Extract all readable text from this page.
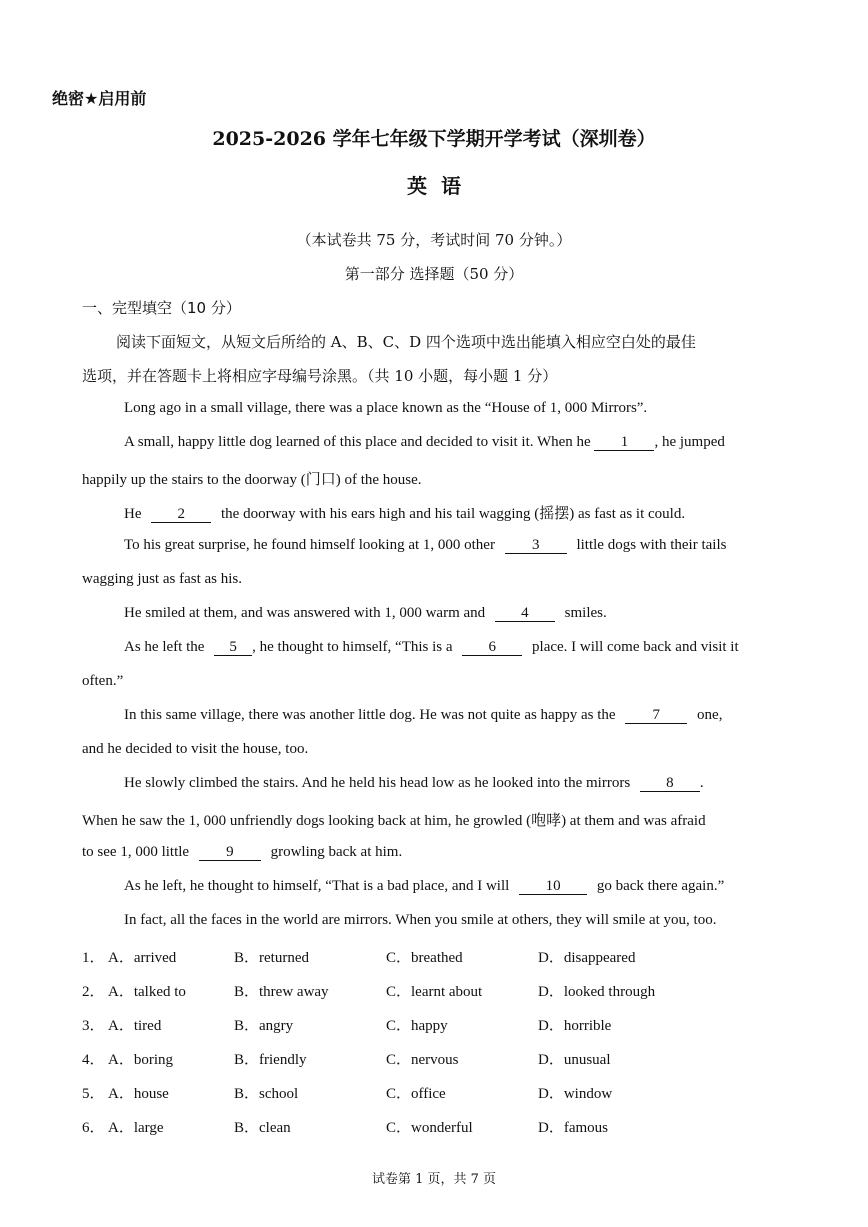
绝密★启用前
2025-2026 学年七年级下学期开学考试（深圳卷）
英语
（本试卷共 75 分，考试时间 70 分钟。）
第一部分 选择题（50 分）
一、完型填空（10 分）
阅读下面短文，从短文后所给的 A、B、C、D 四个选项中选出能填入相应空白处的最佳
选项，并在答题卡上将相应字母编号涂黑。（共 10 小题，每小题 1 分）
Long ago in a small village, there was a place known as the “House of 1, 000 Mirrors”.
A small, happy little dog learned of this place and decided to visit it. When he 1 , he jumped
happily up the stairs to the doorway (门口) of the house.
He 2 the doorway with his ears high and his tail wagging (摇摆) as fast as it could.
To his great surprise, he found himself looking at 1, 000 other 3 little dogs with their tails
wagging just as fast as his.
He smiled at them, and was answered with 1, 000 warm and 4 smiles.
As he left the 5 , he thought to himself, “This is a 6 place. I will come back and visit it
often.”
In this same village, there was another little dog. He was not quite as happy as the 7 one,
and he decided to visit the house, too.
He slowly climbed the stairs. And he held his head low as he looked into the mirrors 8 .
When he saw the 1, 000 unfriendly dogs looking back at him, he growled (咆哮) at them and was afraid
to see 1, 000 little 9 growling back at him.
As he left, he thought to himself, “That is a bad place, and I will 10 go back there again.”
In fact, all the faces in the world are mirrors. When you smile at others, they will smile at you, too.
1． A．arrived	B．returned	C．breathed	D．disappeared
2． A．talked to	B．threw away	C．learnt about	D．looked through
3． A．tired	B．angry	C．happy	D．horrible
4． A．boring	B．friendly	C．nervous	D．unusual
5． A．house	B．school	C．office	D．window
6． A．large	B．clean	C．wonderful	D．famous
试卷第 1 页，共 7 页
